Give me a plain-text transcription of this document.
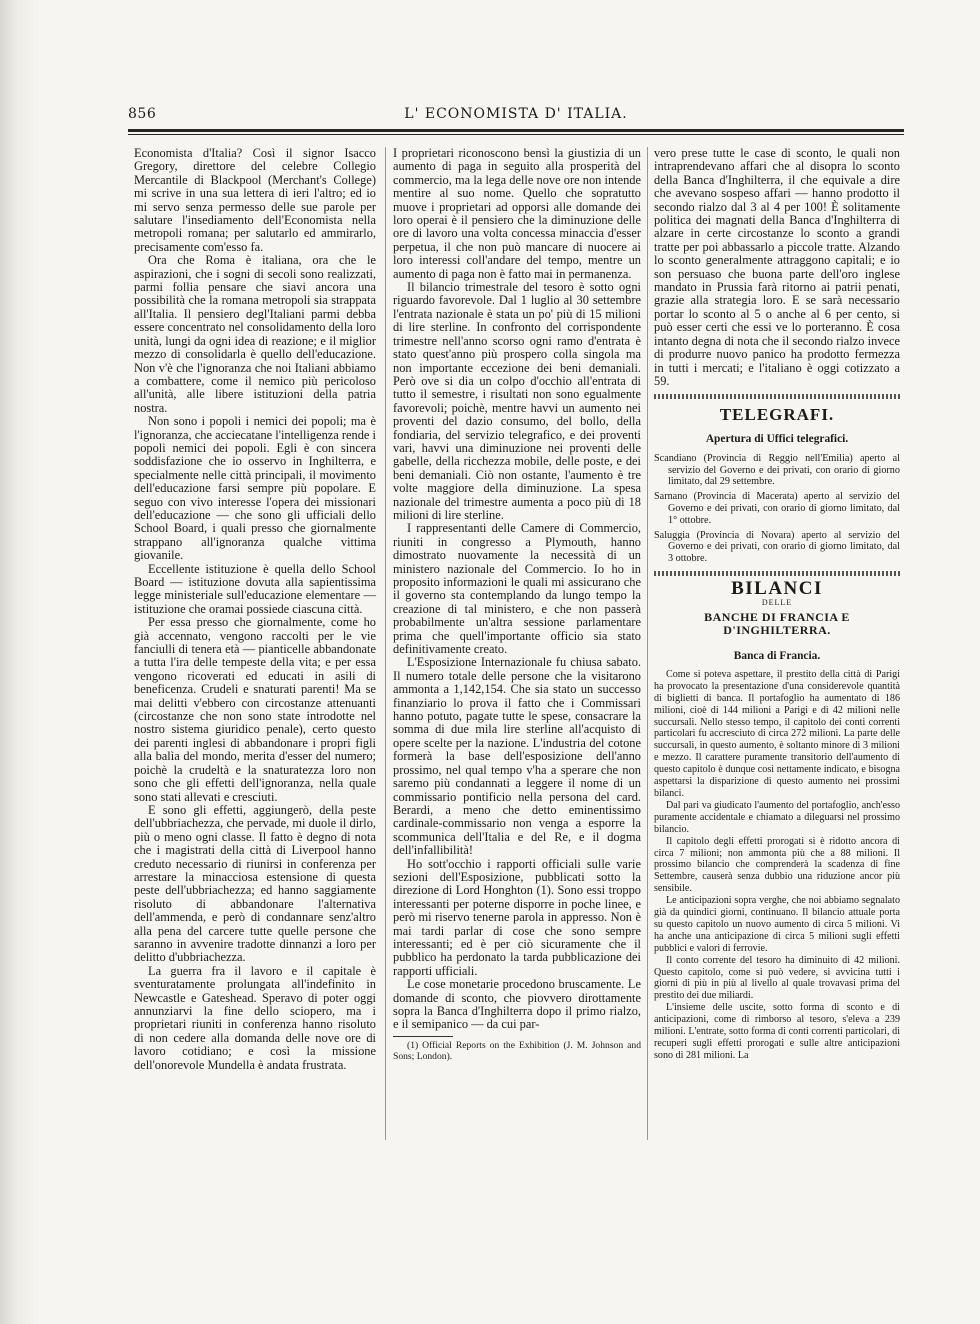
856	L' ECONOMISTA D' ITALIA.

Economista d'Italia? Così il signor Isacco Gregory, direttore del celebre Collegio Mercantile di Blackpool (Merchant's College) mi scrive in una sua lettera di ieri l'altro; ed io mi servo senza permesso delle sue parole per salutare l'insediamento dell'Economista nella metropoli romana; per salutarlo ed ammirarlo, precisamente com'esso fa.

Ora che Roma è italiana, ora che le aspirazioni, che i sogni di secoli sono realizzati, parmi follia pensare che siavi ancora una possibilità che la romana metropoli sia strappata all'Italia. Il pensiero degl'Italiani parmi debba essere concentrato nel consolidamento della loro unità, lungi da ogni idea di reazione; e il miglior mezzo di consolidarla è quello dell'educazione. Non v'è che l'ignoranza che noi Italiani abbiamo a combattere, come il nemico più pericoloso all'unità, alle libere istituzioni della patria nostra.

Non sono i popoli i nemici dei popoli; ma è l'ignoranza, che acciecatane l'intelligenza rende i popoli nemici dei popoli. Egli è con sincera soddisfazione che io osservo in Inghilterra, e specialmente nelle città principali, il movimento dell'educazione farsi sempre più popolare. E seguo con vivo interesse l'opera dei missionari dell'educazione — che sono gli ufficiali dello School Board, i quali presso che giornalmente strappano all'ignoranza qualche vittima giovanile.

Eccellente istituzione è quella dello School Board — istituzione dovuta alla sapientissima legge ministeriale sull'educazione elementare — istituzione che oramai possiede ciascuna città.

Per essa presso che giornalmente, come ho già accennato, vengono raccolti per le vie fanciulli di tenera età — pianticelle abbandonate a tutta l'ira delle tempeste della vita; e per essa vengono ricoverati ed educati in asili di beneficenza. Crudeli e snaturati parenti! Ma se mai delitti v'ebbero con circostanze attenuanti (circostanze che non sono state introdotte nel nostro sistema giuridico penale), certo questo dei parenti inglesi di abbandonare i propri figli alla balìa del mondo, merita d'esser del numero; poichè la crudeltà e la snaturatezza loro non sono che gli effetti dell'ignoranza, nella quale sono stati allevati e cresciuti.

E sono gli effetti, aggiungerò, della peste dell'ubbriachezza, che pervade, mi duole il dirlo, più o meno ogni classe. Il fatto è degno di nota che i magistrati della città di Liverpool hanno creduto necessario di riunirsi in conferenza per arrestare la minacciosa estensione di questa peste dell'ubbriachezza; ed hanno saggiamente risoluto di abbandonare l'alternativa dell'ammenda, e però di condannare senz'altro alla pena del carcere tutte quelle persone che saranno in avvenire tradotte dinnanzi a loro per delitto d'ubbriachezza.

La guerra fra il lavoro e il capitale è sventuratamente prolungata all'indefinito in Newcastle e Gateshead. Speravo di poter oggi annunziarvi la fine dello sciopero, ma i proprietari riuniti in conferenza hanno risoluto di non cedere alla domanda delle nove ore di lavoro cotidiano; e così la missione dell'onorevole Mundella è andata frustrata.

I proprietari riconoscono bensì la giustizia di un aumento di paga in seguito alla prosperità del commercio, ma la lega delle nove ore non intende mentire al suo nome. Quello che sopratutto muove i proprietari ad opporsi alle domande dei loro operai è il pensiero che la diminuzione delle ore di lavoro una volta concessa minaccia d'esser perpetua, il che non può mancare di nuocere ai loro interessi coll'andare del tempo, mentre un aumento di paga non è fatto mai in permanenza.

Il bilancio trimestrale del tesoro è sotto ogni riguardo favorevole. Dal 1 luglio al 30 settembre l'entrata nazionale è stata un po' più di 15 milioni di lire sterline. In confronto del corrispondente trimestre nell'anno scorso ogni ramo d'entrata è stato quest'anno più prospero colla singola ma non importante eccezione dei beni demaniali. Però ove si dia un colpo d'occhio all'entrata di tutto il semestre, i risultati non sono egualmente favorevoli; poichè, mentre havvi un aumento nei proventi del dazio consumo, del bollo, della fondiaria, del servizio telegrafico, e dei proventi vari, havvi una diminuzione nei proventi delle gabelle, della ricchezza mobile, delle poste, e dei beni demaniali. Ciò non ostante, l'aumento è tre volte maggiore della diminuzione. La spesa nazionale del trimestre aumenta a poco più di 18 milioni di lire sterline.

I rappresentanti delle Camere di Commercio, riuniti in congresso a Plymouth, hanno dimostrato nuovamente la necessità di un ministero nazionale del Commercio. Io ho in proposito informazioni le quali mi assicurano che il governo sta contemplando da lungo tempo la creazione di tal ministero, e che non passerà probabilmente un'altra sessione parlamentare prima che quell'importante officio sia stato definitivamente creato.

L'Esposizione Internazionale fu chiusa sabato. Il numero totale delle persone che la visitarono ammonta a 1,142,154. Che sia stato un successo finanziario lo prova il fatto che i Commissari hanno potuto, pagate tutte le spese, consacrare la somma di due mila lire sterline all'acquisto di opere scelte per la nazione. L'industria del cotone formerà la base dell'esposizione dell'anno prossimo, nel qual tempo v'ha a sperare che non saremo più condannati a leggere il nome di un commissario pontificio nella persona del card. Berardi, a meno che detto eminentissimo cardinale-commissario non venga a esporre la scommunica dell'Italia e del Re, e il dogma dell'infallibilità!

Ho sott'occhio i rapporti officiali sulle varie sezioni dell'Esposizione, pubblicati sotto la direzione di Lord Honghton (1). Sono essi troppo interessanti per poterne disporre in poche linee, e però mi riservo tenerne parola in appresso. Non è mai tardi parlar di cose che sono sempre interessanti; ed è per ciò sicuramente che il pubblico ha perdonato la tarda pubblicazione dei rapporti ufficiali.

Le cose monetarie procedono bruscamente. Le domande di sconto, che piovvero dirottamente sopra la Banca d'Inghilterra dopo il primo rialzo, e il semipanico — da cui par-

(1) Official Reports on the Exhibition (J. M. Johnson and Sons; London).

vero prese tutte le case di sconto, le quali non intraprendevano affari che al disopra lo sconto della Banca d'Inghilterra, il che equivale a dire che avevano sospeso affari — hanno prodotto il secondo rialzo dal 3 al 4 per 100! È solitamente politica dei magnati della Banca d'Inghilterra di alzare in certe circostanze lo sconto a grandi tratte per poi abbassarlo a piccole tratte. Alzando lo sconto generalmente attraggono capitali; e io son persuaso che buona parte dell'oro inglese mandato in Prussia farà ritorno ai patrii penati, grazie alla strategia loro. E se sarà necessario portar lo sconto al 5 o anche al 6 per cento, si può esser certi che essi ve lo porteranno. È cosa intanto degna di nota che il secondo rialzo invece di produrre nuovo panico ha prodotto fermezza in tutti i mercati; e l'italiano è oggi cotizzato a 59.

TELEGRAFI.
Apertura di Uffici telegrafici.

Scandiano (Provincia di Reggio nell'Emilia) aperto al servizio del Governo e dei privati, con orario di giorno limitato, dal 29 settembre.

Sarnano (Provincia di Macerata) aperto al servizio del Governo e dei privati, con orario di giorno limitato, dal 1° ottobre.

Saluggia (Provincia di Novara) aperto al servizio del Governo e dei privati, con orario di giorno limitato, dal 3 ottobre.

BILANCI
DELLE
BANCHE DI FRANCIA E D'INGHILTERRA.
Banca di Francia.

Come si poteva aspettare, il prestito della città di Parigi ha provocato la presentazione d'una considerevole quantità di biglietti di banca. Il portafoglio ha aumentato di 186 milioni, cioè di 144 milioni a Parigi e di 42 milioni nelle succursali. Nello stesso tempo, il capitolo dei conti correnti particolari fu accresciuto di circa 272 milioni. La parte delle succursali, in questo aumento, è soltanto minore di 3 milioni e mezzo. Il carattere puramente transitorio dell'aumento di questo capitolo è dunque così nettamente indicato, e bisogna aspettarsi la disparizione di questo aumento nei prossimi bilanci.

Dal pari va giudicato l'aumento del portafoglio, anch'esso puramente accidentale e chiamato a dileguarsi nel prossimo bilancio.

Il capitolo degli effetti prorogati si è ridotto ancora di circa 7 milioni; non ammonta più che a 88 milioni. Il prossimo bilancio che comprenderà la scadenza di fine Settembre, causerà senza dubbio una riduzione ancor più sensibile.

Le anticipazioni sopra verghe, che noi abbiamo segnalato già da quindici giorni, continuano. Il bilancio attuale porta su questo capitolo un nuovo aumento di circa 5 milioni. Vi ha anche una anticipazione di circa 5 milioni sugli effetti pubblici e valori di ferrovie.

Il conto corrente del tesoro ha diminuito di 42 milioni. Questo capitolo, come si può vedere, si avvicina tutti i giorni di più in più al livello al quale trovavasi prima del prestito dei due miliardi.

L'insieme delle uscite, sotto forma di sconto e di anticipazioni, come di rimborso al tesoro, s'eleva a 239 milioni. L'entrate, sotto forma di conti correnti particolari, di recuperi sugli effetti prorogati e sulle altre anticipazioni sono di 281 milioni. La
